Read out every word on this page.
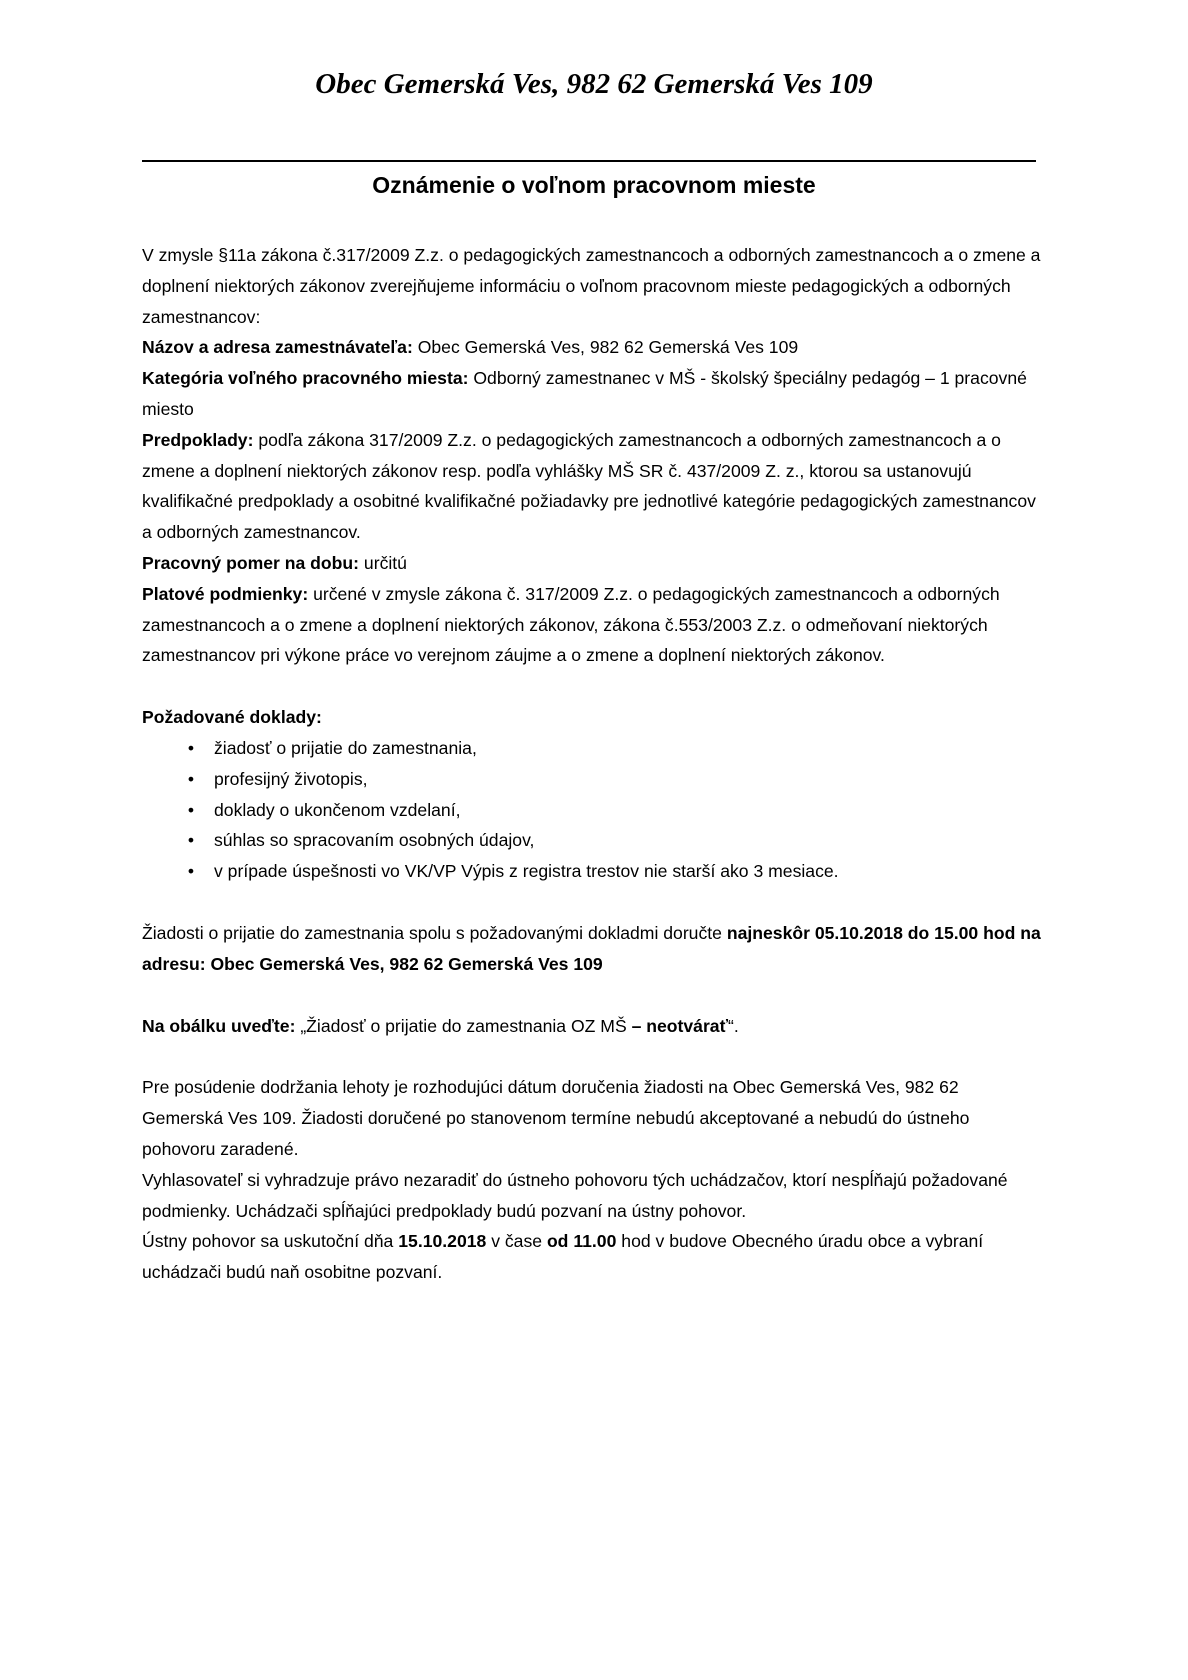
Obec Gemerská Ves, 982 62 Gemerská Ves 109
Oznámenie o voľnom pracovnom mieste

V zmysle §11a zákona č.317/2009 Z.z. o pedagogických zamestnancoch a odborných zamestnancoch a o zmene a doplnení niektorých zákonov zverejňujeme informáciu o voľnom pracovnom mieste pedagogických a odborných zamestnancov:

Názov a adresa zamestnávateľa: Obec Gemerská Ves, 982 62 Gemerská Ves 109

Kategória voľného pracovného miesta: Odborný zamestnanec v MŠ - školský špeciálny pedagóg – 1 pracovné miesto

Predpoklady: podľa zákona 317/2009 Z.z. o pedagogických zamestnancoch a odborných zamestnancoch a o zmene a doplnení niektorých zákonov resp. podľa vyhlášky MŠ SR č. 437/2009 Z. z., ktorou sa ustanovujú kvalifikačné predpoklady a osobitné kvalifikačné požiadavky pre jednotlivé kategórie pedagogických zamestnancov a odborných zamestnancov.

Pracovný pomer na dobu: určitú

Platové podmienky: určené v zmysle zákona č. 317/2009 Z.z. o pedagogických zamestnancoch a odborných zamestnancoch a o zmene a doplnení niektorých zákonov, zákona č.553/2003 Z.z. o odmeňovaní niektorých zamestnancov pri výkone práce vo verejnom záujme a o zmene a doplnení niektorých zákonov.

Požadované doklady:

• žiadosť o prijatie do zamestnania,
• profesijný životopis,
• doklady o ukončenom vzdelaní,
• súhlas so spracovaním osobných údajov,
• v prípade úspešnosti vo VK/VP Výpis z registra trestov nie starší ako 3 mesiace.

Žiadosti o prijatie do zamestnania spolu s požadovanými dokladmi doručte najneskôr 05.10.2018 do 15.00 hod na adresu: Obec Gemerská Ves, 982 62 Gemerská Ves 109

Na obálku uveďte: „Žiadosť o prijatie do zamestnania OZ MŠ – neotvárať“.

Pre posúdenie dodržania lehoty je rozhodujúci dátum doručenia žiadosti na Obec Gemerská Ves, 982 62 Gemerská Ves 109. Žiadosti doručené po stanovenom termíne nebudú akceptované a nebudú do ústneho pohovoru zaradené.

Vyhlasovateľ si vyhradzuje právo nezaradiť do ústneho pohovoru tých uchádzačov, ktorí nespĺňajú požadované podmienky. Uchádzači spĺňajúci predpoklady budú pozvaní na ústny pohovor.

Ústny pohovor sa uskutoční dňa 15.10.2018 v čase od 11.00 hod v budove Obecného úradu obce a vybraní uchádzači budú naň osobitne pozvaní.
